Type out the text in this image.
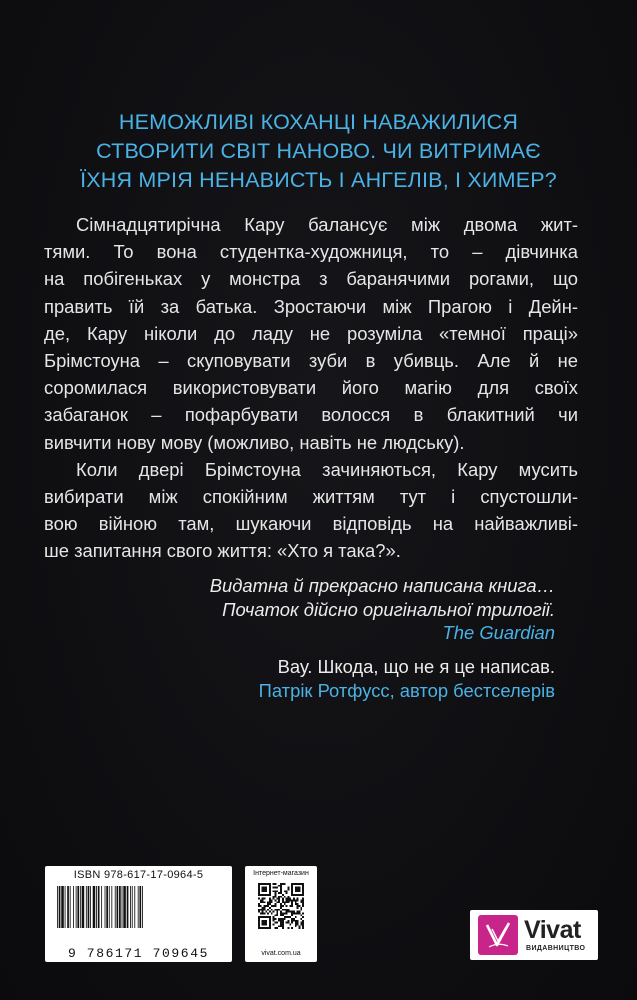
НЕМОЖЛИВІ КОХАНЦІ НАВАЖИЛИСЯ
СТВОРИТИ СВІТ НАНОВО. ЧИ ВИТРИМАЄ
ЇХНЯ МРІЯ НЕНАВИСТЬ І АНГЕЛІВ, І ХИМЕР?
Сімнадцятирічна Кару балансує між двома жит-
тями. То вона студентка-художниця, то – дівчинка
на побігеньках у монстра з баранячими рогами, що
править їй за батька. Зростаючи між Прагою і Дейн-
де, Кару ніколи до ладу не розуміла «темної праці»
Брімстоуна – скуповувати зуби в убивць. Але й не
соромилася використовувати його магію для своїх
забаганок – пофарбувати волосся в блакитний чи
вивчити нову мову (можливо, навіть не людську).
Коли двері Брімстоуна зачиняються, Кару мусить
вибирати між спокійним життям тут і спустошли-
вою війною там, шукаючи відповідь на найважливі-
ше запитання свого життя: «Хто я така?».
Видатна й прекрасно написана книга…
Початок дійсно оригінальної трилогії.
The Guardian
Вау. Шкода, що не я це написав.
Патрік Ротфусс, автор бестселерів
ISBN 978-617-17-0964-5
9 786171 709645
Інтернет-магазин
vivat.com.ua
Vivat
ВИДАВНИЦТВО
